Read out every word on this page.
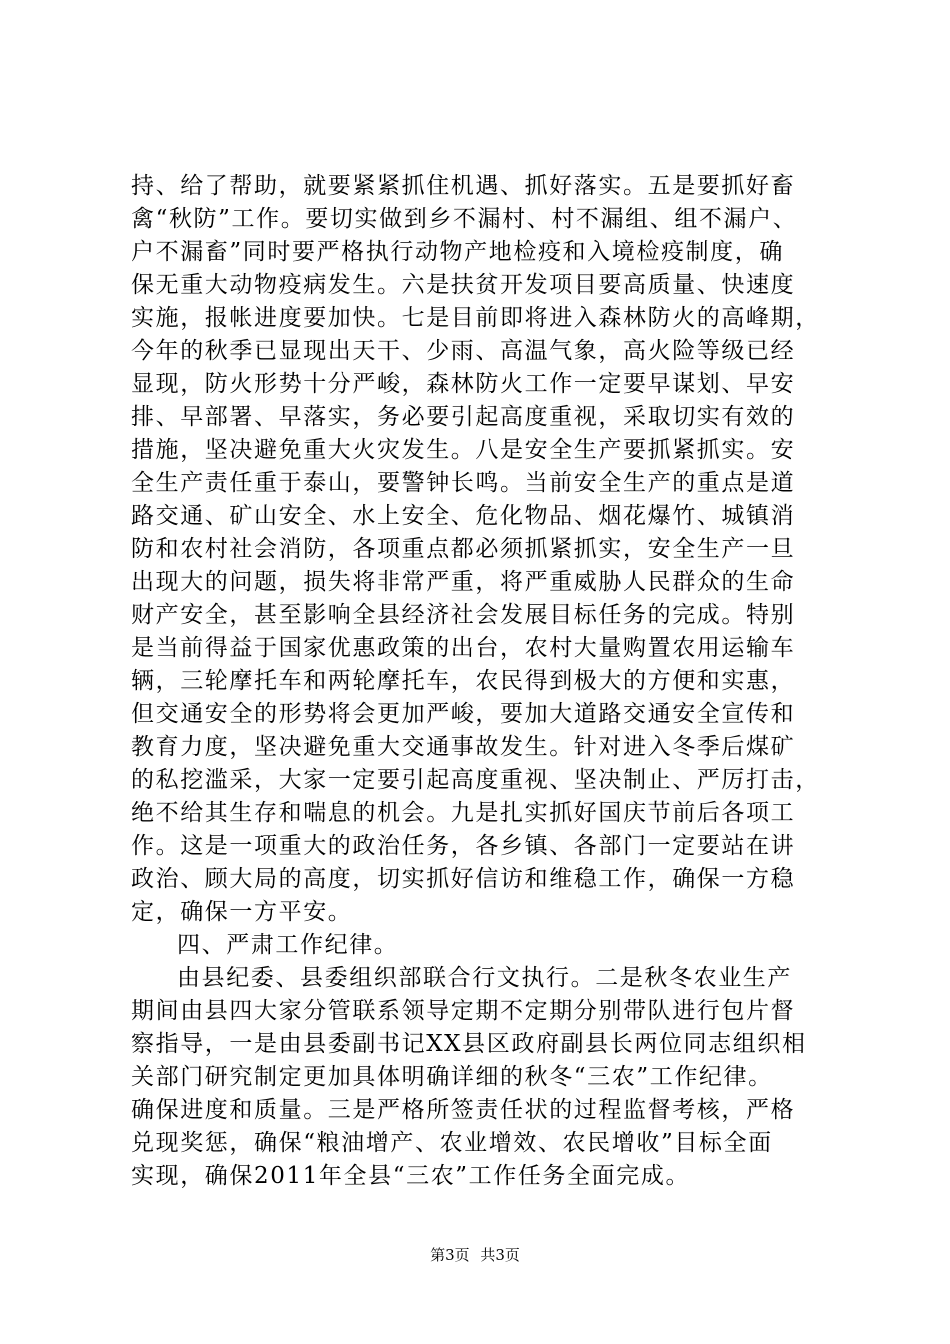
持、给了帮助，就要紧紧抓住机遇、抓好落实。五是要抓好畜
禽“秋防”工作。要切实做到乡不漏村、村不漏组、组不漏户、
户不漏畜”同时要严格执行动物产地检疫和入境检疫制度，确
保无重大动物疫病发生。六是扶贫开发项目要高质量、快速度
实施，报帐进度要加快。七是目前即将进入森林防火的高峰期，
今年的秋季已显现出天干、少雨、高温气象，高火险等级已经
显现，防火形势十分严峻，森林防火工作一定要早谋划、早安
排、早部署、早落实，务必要引起高度重视，采取切实有效的
措施，坚决避免重大火灾发生。八是安全生产要抓紧抓实。安
全生产责任重于泰山，要警钟长鸣。当前安全生产的重点是道
路交通、矿山安全、水上安全、危化物品、烟花爆竹、城镇消
防和农村社会消防，各项重点都必须抓紧抓实，安全生产一旦
出现大的问题，损失将非常严重，将严重威胁人民群众的生命
财产安全，甚至影响全县经济社会发展目标任务的完成。特别
是当前得益于国家优惠政策的出台，农村大量购置农用运输车
辆，三轮摩托车和两轮摩托车，农民得到极大的方便和实惠，
但交通安全的形势将会更加严峻，要加大道路交通安全宣传和
教育力度，坚决避免重大交通事故发生。针对进入冬季后煤矿
的私挖滥采，大家一定要引起高度重视、坚决制止、严厉打击，
绝不给其生存和喘息的机会。九是扎实抓好国庆节前后各项工
作。这是一项重大的政治任务，各乡镇、各部门一定要站在讲
政治、顾大局的高度，切实抓好信访和维稳工作，确保一方稳
定，确保一方平安。
四、严肃工作纪律。
由县纪委、县委组织部联合行文执行。二是秋冬农业生产
期间由县四大家分管联系领导定期不定期分别带队进行包片督
察指导，一是由县委副书记XX县区政府副县长两位同志组织相
关部门研究制定更加具体明确详细的秋冬“三农”工作纪律。
确保进度和质量。三是严格所签责任状的过程监督考核，严格
兑现奖惩，确保“粮油增产、农业增效、农民增收”目标全面
实现，确保2011年全县“三农”工作任务全面完成。
第3页 共3页
